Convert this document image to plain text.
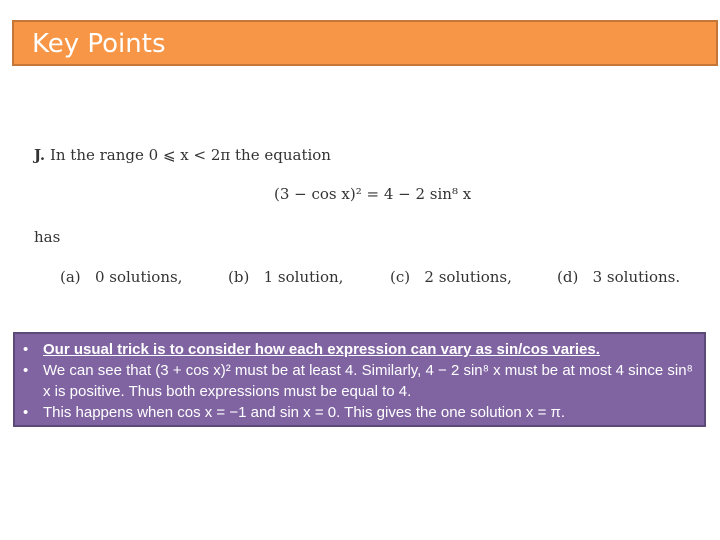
Key Points
J. In the range 0 ⩽ x < 2π the equation
(3 − cos x)² = 4 − 2 sin⁸ x
has
(a) 0 solutions,	(b) 1 solution,	(c) 2 solutions,	(d) 3 solutions.
• Our usual trick is to consider how each expression can vary as sin/cos varies.
• We can see that (3 + cos x)² must be at least 4. Similarly, 4 − 2 sin⁸ x must be at most 4 since sin⁸ x is positive. Thus both expressions must be equal to 4.
• This happens when cos x = −1 and sin x = 0. This gives the one solution x = π.
